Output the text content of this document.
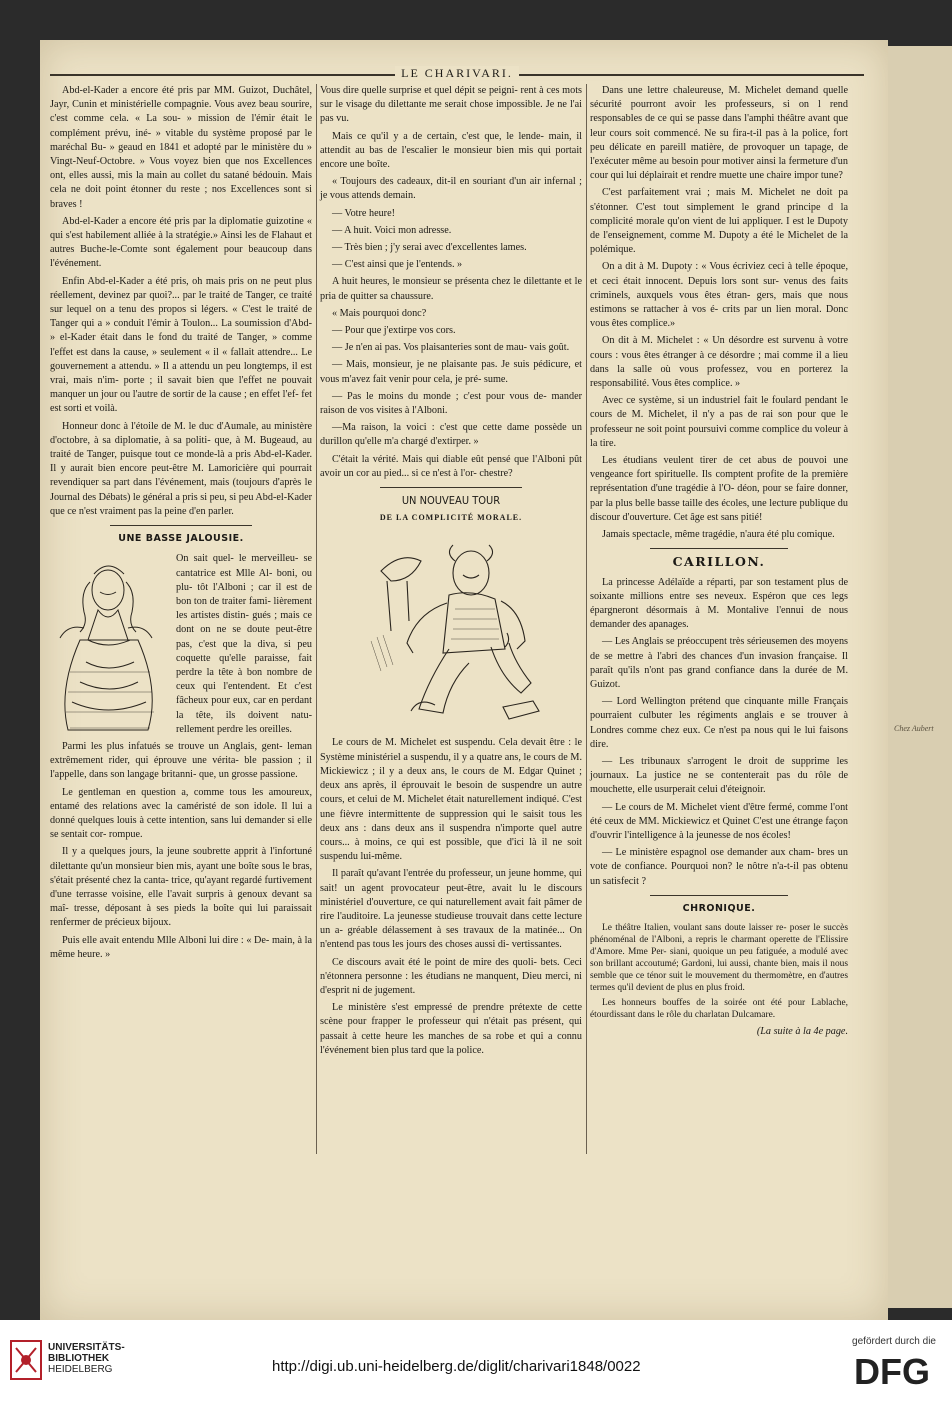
Chez Aubert
LE CHARIVARI.

Abd-el-Kader a encore été pris par MM. Guizot, Duchâtel, Jayr, Cunin et ministérielle compagnie. Vous avez beau sourire, c'est comme cela. « La sou- » mission de l'émir était le complément prévu, iné- » vitable du système proposé par le maréchal Bu- » geaud en 1841 et adopté par le ministère du » Vingt-Neuf-Octobre. » Vous voyez bien que nos Excellences ont, elles aussi, mis la main au collet du satané bédouin. Mais cela ne doit point étonner du reste ; nos Excellences sont si braves !

Abd-el-Kader a encore été pris par la diplomatie guizotine « qui s'est habilement alliée à la stratégie.» Ainsi les de Flahaut et autres Buche-le-Comte sont également pour beaucoup dans l'événement.

Enfin Abd-el-Kader a été pris, oh mais pris on ne peut plus réellement, devinez par quoi?... par le traité de Tanger, ce traité sur lequel on a tenu des propos si légers. « C'est le traité de Tanger qui a » conduit l'émir à Toulon... La soumission d'Abd- » el-Kader était dans le fond du traité de Tanger, » comme l'effet est dans la cause, » seulement « il « fallait attendre... Le gouvernement a attendu. » Il a attendu un peu longtemps, il est vrai, mais n'im- porte ; il savait bien que l'effet ne pouvait manquer un jour ou l'autre de sortir de la cause ; en effet l'ef- fet est sorti et voilà.

Honneur donc à l'étoile de M. le duc d'Aumale, au ministère d'octobre, à sa diplomatie, à sa politi- que, à M. Bugeaud, au traité de Tanger, puisque tout ce monde-là a pris Abd-el-Kader. Il y aurait bien encore peut-être M. Lamoricière qui pourrait revendiquer sa part dans l'événement, mais (toujours d'après le Journal des Débats) le général a pris si peu, si peu Abd-el-Kader que ce n'est vraiment pas la peine d'en parler.

UNE BASSE JALOUSIE.

On sait quel- le merveilleu- se cantatrice est Mlle Al- boni, ou plu- tôt l'Alboni ; car il est de bon ton de traiter fami- lièrement les artistes distin- gués ; mais ce dont on ne se doute peut-être pas, c'est que la diva, si peu coquette qu'elle paraisse, fait perdre la tête à bon nombre de ceux qui l'entendent. Et c'est fâcheux pour eux, car en perdant la tête, ils doivent natu- rellement perdre les oreilles.

Parmi les plus infatués se trouve un Anglais, gent- leman extrêmement rider, qui éprouve une vérita- ble passion ; il l'appelle, dans son langage britanni- que, un grosse passione.

Le gentleman en question a, comme tous les amoureux, entamé des relations avec la caméristé de son idole. Il lui a donné quelques louis à cette intention, sans lui demander si elle se sentait cor- rompue.

Il y a quelques jours, la jeune soubrette apprit à l'infortuné dilettante qu'un monsieur bien mis, ayant une boîte sous le bras, s'était présenté chez la canta- trice, qu'ayant regardé furtivement d'une terrasse voisine, elle l'avait surpris à genoux devant sa maî- tresse, déposant à ses pieds la boîte qui lui paraissait renfermer de précieux bijoux.

Puis elle avait entendu Mlle Alboni lui dire : « De- main, à la même heure. »

Vous dire quelle surprise et quel dépit se peigni- rent à ces mots sur le visage du dilettante me serait chose impossible. Je ne l'ai pas vu.

Mais ce qu'il y a de certain, c'est que, le lende- main, il attendit au bas de l'escalier le monsieur bien mis qui portait encore une boîte.

« Toujours des cadeaux, dit-il en souriant d'un air infernal ; je vous attends demain.

— Votre heure!

— A huit. Voici mon adresse.

— Très bien ; j'y serai avec d'excellentes lames.

— C'est ainsi que je l'entends. »

A huit heures, le monsieur se présenta chez le dilettante et le pria de quitter sa chaussure.

« Mais pourquoi donc?

— Pour que j'extirpe vos cors.

— Je n'en ai pas. Vos plaisanteries sont de mau- vais goût.

— Mais, monsieur, je ne plaisante pas. Je suis pédicure, et vous m'avez fait venir pour cela, je pré- sume.

— Pas le moins du monde ; c'est pour vous de- mander raison de vos visites à l'Alboni.

—Ma raison, la voici : c'est que cette dame possède un durillon qu'elle m'a chargé d'extirper. »

C'était la vérité. Mais qui diable eût pensé que l'Alboni pût avoir un cor au pied... si ce n'est à l'or- chestre?

UN NOUVEAU TOUR
DE LA COMPLICITÉ MORALE.

Le cours de M. Michelet est suspendu. Cela devait être : le Système ministériel a suspendu, il y a quatre ans, le cours de M. Mickiewicz ; il y a deux ans, le cours de M. Edgar Quinet ; deux ans après, il éprouvait le besoin de suspendre un autre cours, et celui de M. Michelet était naturellement indiqué. C'est une fièvre intermittente de suppression qui le saisit tous les deux ans : dans deux ans il suspendra n'importe quel autre cours... à moins, ce qui est possible, que d'ici là il ne soit suspendu lui-même.

Il paraît qu'avant l'entrée du professeur, un jeune homme, qui sait! un agent provocateur peut-être, avait lu le discours ministériel d'ouverture, ce qui naturellement avait fait pâmer de rire l'auditoire. La jeunesse studieuse trouvait dans cette lecture un a- gréable délassement à ses travaux de la matinée... On n'entend pas tous les jours des choses aussi di- vertissantes.

Ce discours avait été le point de mire des quoli- bets. Ceci n'étonnera personne : les étudians ne manquent, Dieu merci, ni d'esprit ni de jugement.

Le ministère s'est empressé de prendre prétexte de cette scène pour frapper le professeur qui n'était pas présent, qui passait à cette heure les manches de sa robe et qui a connu l'événement bien plus tard que la police.

Dans une lettre chaleureuse, M. Michelet demand quelle sécurité pourront avoir les professeurs, si on l rend responsables de ce qui se passe dans l'amphi théâtre avant que leur cours soit commencé. Ne su fira-t-il pas à la police, fort peu délicate en pareill matière, de provoquer un tapage, de l'exécuter même au besoin pour motiver ainsi la fermeture d'un cour qui lui déplairait et rendre muette une chaire impor tune?

C'est parfaitement vrai ; mais M. Michelet ne doit pa s'étonner. C'est tout simplement le grand principe d la complicité morale qu'on vient de lui appliquer. I est le Dupoty de l'enseignement, comme M. Dupoty a été le Michelet de la polémique.

On a dit à M. Dupoty : « Vous écriviez ceci à telle époque, et ceci était innocent. Depuis lors sont sur- venus des faits criminels, auxquels vous êtes étran- gers, mais que nous estimons se rattacher à vos é- crits par un lien moral. Donc vous êtes complice.»

On dit à M. Michelet : « Un désordre est survenu à votre cours : vous êtes étranger à ce désordre ; mai comme il a lieu dans la salle où vous professez, vou en porterez la responsabilité. Vous êtes complice. »

Avec ce système, si un industriel fait le foulard pendant le cours de M. Michelet, il n'y a pas de rai son pour que le professeur ne soit point poursuivi comme complice du voleur à la tire.

Les étudians veulent tirer de cet abus de pouvoi une vengeance fort spirituelle. Ils comptent profite de la première représentation d'une tragédie à l'O- déon, pour se faire donner, par la plus belle basse taille des écoles, une lecture publique du discour d'ouverture. Cet âge est sans pitié!

Jamais spectacle, même tragédie, n'aura été plu comique.

CARILLON.

La princesse Adélaïde a réparti, par son testament plus de soixante millions entre ses neveux. Espéron que ces legs épargneront désormais à M. Montalive l'ennui de nous demander des apanages.

— Les Anglais se préoccupent très sérieusemen des moyens de se mettre à l'abri des chances d'un invasion française. Il paraît qu'ils n'ont pas grand confiance dans la durée de M. Guizot.

— Lord Wellington prétend que cinquante mille Français pourraient culbuter les régiments anglais e se trouver à Londres comme chez eux. Ce n'est pa nous qui le lui faisons dire.

— Les tribunaux s'arrogent le droit de supprime les journaux. La justice ne se contenterait pas du rôle de mouchette, elle usurperait celui d'éteignoir.

— Le cours de M. Michelet vient d'être fermé, comme l'ont été ceux de MM. Mickiewicz et Quinet C'est une étrange façon d'ouvrir l'intelligence à la jeunesse de nos écoles!

— Le ministère espagnol ose demander aux cham- bres un vote de confiance. Pourquoi non? le nôtre n'a-t-il pas obtenu un satisfecit ?

CHRONIQUE.

Le théâtre Italien, voulant sans doute laisser re- poser le succès phénoménal de l'Alboni, a repris le charmant operette de l'Elissire d'Amore. Mme Per- siani, quoique un peu fatiguée, a modulé avec son brillant accoutumé; Gardoni, lui aussi, chante bien, mais il nous semble que ce ténor suit le mouvement du thermomètre, en d'autres termes qu'il devient de plus en plus froid.

Les honneurs bouffes de la soirée ont été pour Lablache, étourdissant dans le rôle du charlatan Dulcamare.

(La suite à la 4e page.
UNIVERSITÄTS-
BIBLIOTHEK
HEIDELBERG	http://digi.ub.uni-heidelberg.de/diglit/charivari1848/0022
gefördert durch die
DFG
